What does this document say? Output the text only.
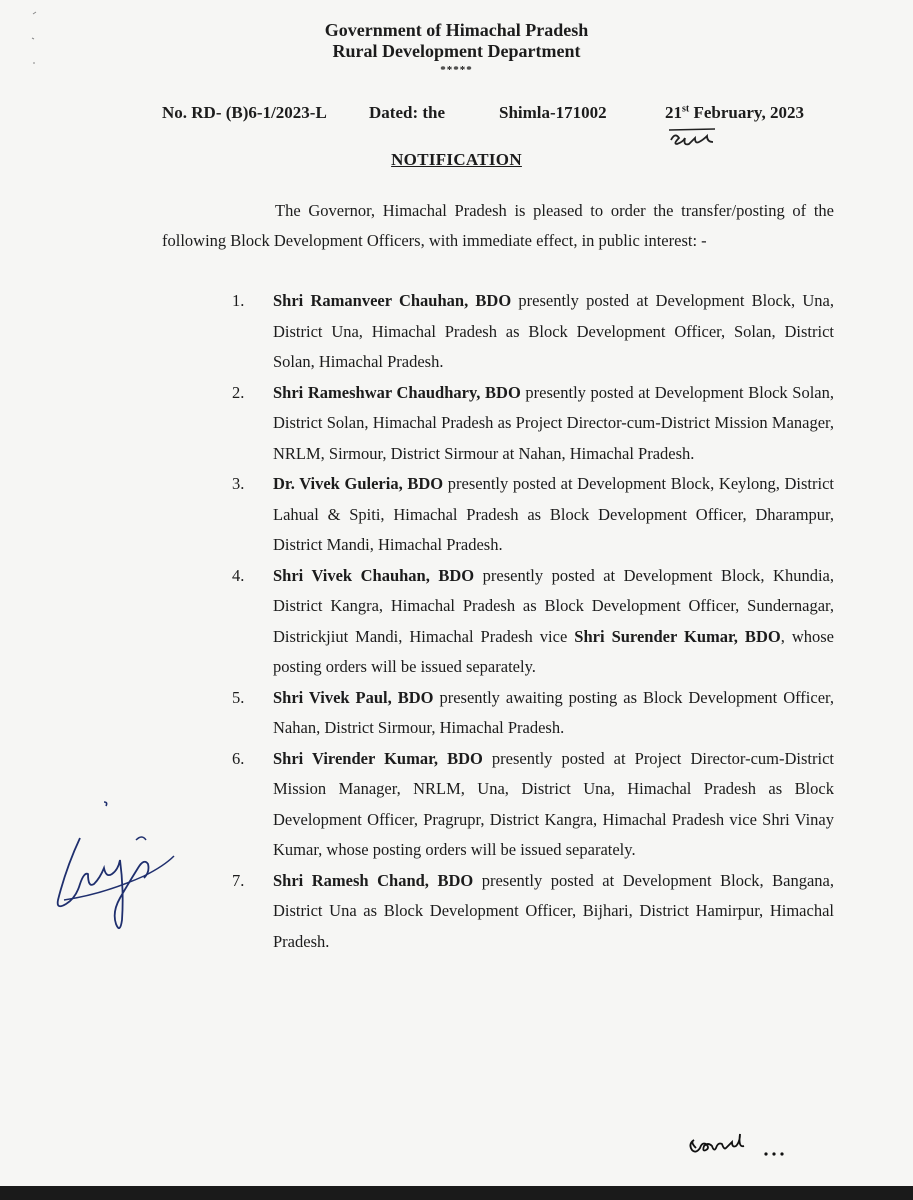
Government of Himachal Pradesh
Rural Development Department
*****
No. RD- (B)6-1/2023-L Dated: the	Shimla-171002	21st February, 2023
NOTIFICATION
The Governor, Himachal Pradesh is pleased to order the transfer/posting of the following Block Development Officers, with immediate effect, in public interest: -
1.	Shri Ramanveer Chauhan, BDO presently posted at Development Block, Una, District Una, Himachal Pradesh as Block Development Officer, Solan, District Solan, Himachal Pradesh.
2.	Shri Rameshwar Chaudhary, BDO presently posted at Development Block Solan, District Solan, Himachal Pradesh as Project Director-cum-District Mission Manager, NRLM, Sirmour, District Sirmour at Nahan, Himachal Pradesh.
3.	Dr. Vivek Guleria, BDO presently posted at Development Block, Keylong, District Lahual & Spiti, Himachal Pradesh as Block Development Officer, Dharampur, District Mandi, Himachal Pradesh.
4.	Shri Vivek Chauhan, BDO presently posted at Development Block, Khundia, District Kangra, Himachal Pradesh as Block Development Officer, Sundernagar, Districkjiut Mandi, Himachal Pradesh vice Shri Surender Kumar, BDO, whose posting orders will be issued separately.
5.	Shri Vivek Paul, BDO presently awaiting posting as Block Development Officer, Nahan, District Sirmour, Himachal Pradesh.
6.	Shri Virender Kumar, BDO presently posted at Project Director-cum-District Mission Manager, NRLM, Una, District Una, Himachal Pradesh as Block Development Officer, Pragrupr, District Kangra, Himachal Pradesh vice Shri Vinay Kumar, whose posting orders will be issued separately.
7.	Shri Ramesh Chand, BDO presently posted at Development Block, Bangana, District Una as Block Development Officer, Bijhari, District Hamirpur, Himachal Pradesh.
